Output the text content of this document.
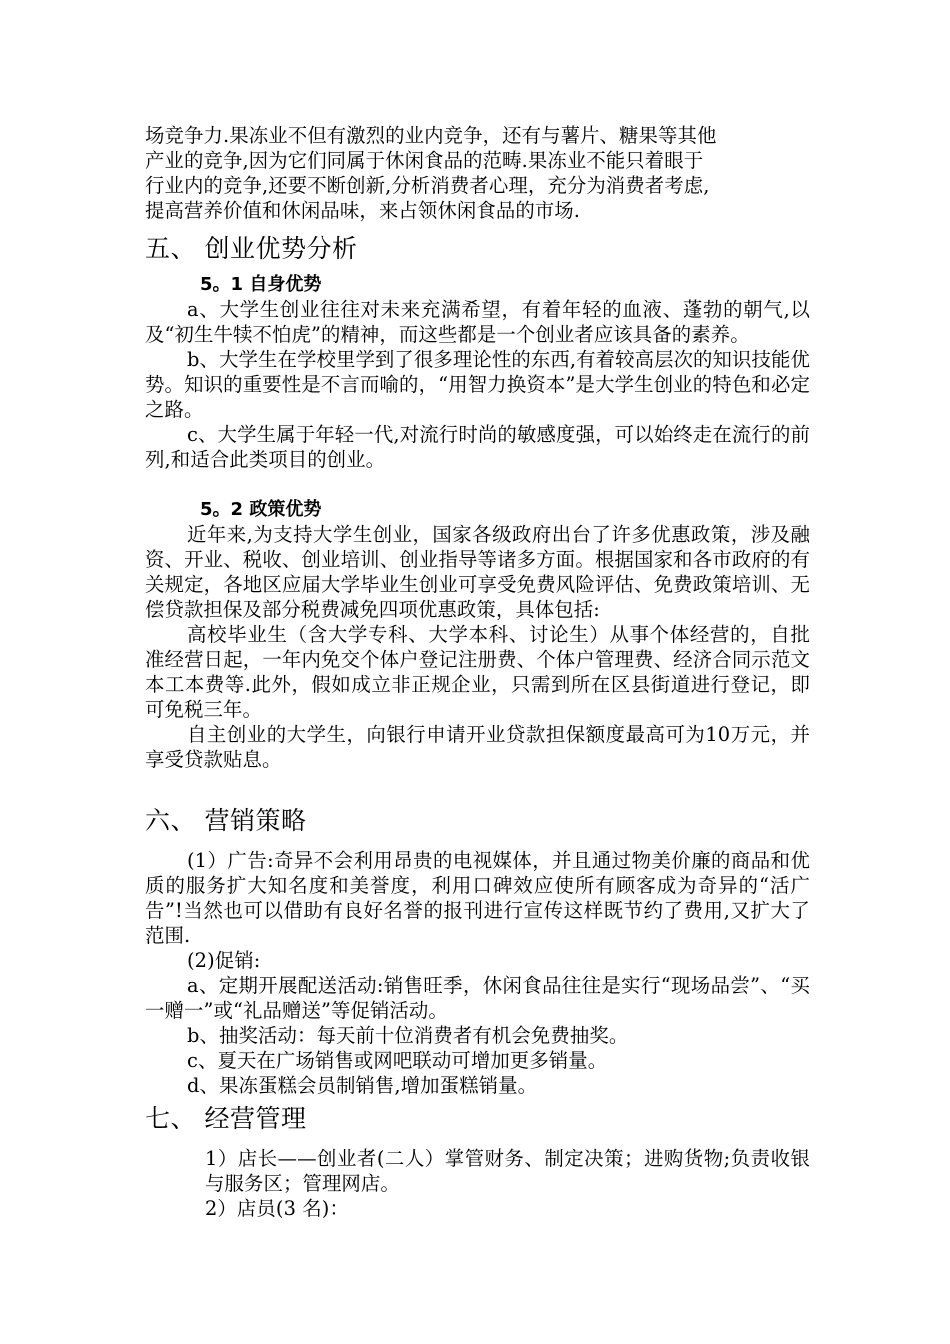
场竞争力.果冻业不但有激烈的业内竞争，还有与薯片、糖果等其他

产业的竞争,因为它们同属于休闲食品的范畴.果冻业不能只着眼于

行业内的竞争,还要不断创新,分析消费者心理，充分为消费者考虑,

提高营养价值和休闲品味，来占领休闲食品的市场.

五、 创业优势分析
5。1 自身优势

a、大学生创业往往对未来充满希望，有着年轻的血液、蓬勃的朝气,以及“初生牛犊不怕虎”的精神，而这些都是一个创业者应该具备的素养。

b、大学生在学校里学到了很多理论性的东西,有着较高层次的知识技能优势。知识的重要性是不言而喻的，“用智力换资本”是大学生创业的特色和必定之路。

c、大学生属于年轻一代,对流行时尚的敏感度强，可以始终走在流行的前列,和适合此类项目的创业。

5。2 政策优势

近年来,为支持大学生创业，国家各级政府出台了许多优惠政策，涉及融资、开业、税收、创业培训、创业指导等诸多方面。根据国家和各市政府的有关规定，各地区应届大学毕业生创业可享受免费风险评估、免费政策培训、无偿贷款担保及部分税费减免四项优惠政策，具体包括:

高校毕业生（含大学专科、大学本科、讨论生）从事个体经营的，自批准经营日起，一年内免交个体户登记注册费、个体户管理费、经济合同示范文本工本费等.此外，假如成立非正规企业，只需到所在区县街道进行登记，即可免税三年。

自主创业的大学生，向银行申请开业贷款担保额度最高可为10万元，并享受贷款贴息。

六、 营销策略

(1）广告:奇异不会利用昂贵的电视媒体，并且通过物美价廉的商品和优质的服务扩大知名度和美誉度，利用口碑效应使所有顾客成为奇异的“活广告”!当然也可以借助有良好名誉的报刊进行宣传这样既节约了费用,又扩大了范围.

(2)促销:

a、定期开展配送活动:销售旺季，休闲食品往往是实行“现场品尝”、“买一赠一”或“礼品赠送”等促销活动。

b、抽奖活动：每天前十位消费者有机会免费抽奖。

c、夏天在广场销售或网吧联动可增加更多销量。

d、果冻蛋糕会员制销售,增加蛋糕销量。

七、 经营管理

1）店长——创业者(二人）掌管财务、制定决策；进购货物;负责收银与服务区；管理网店。

2）店员(3 名)：
